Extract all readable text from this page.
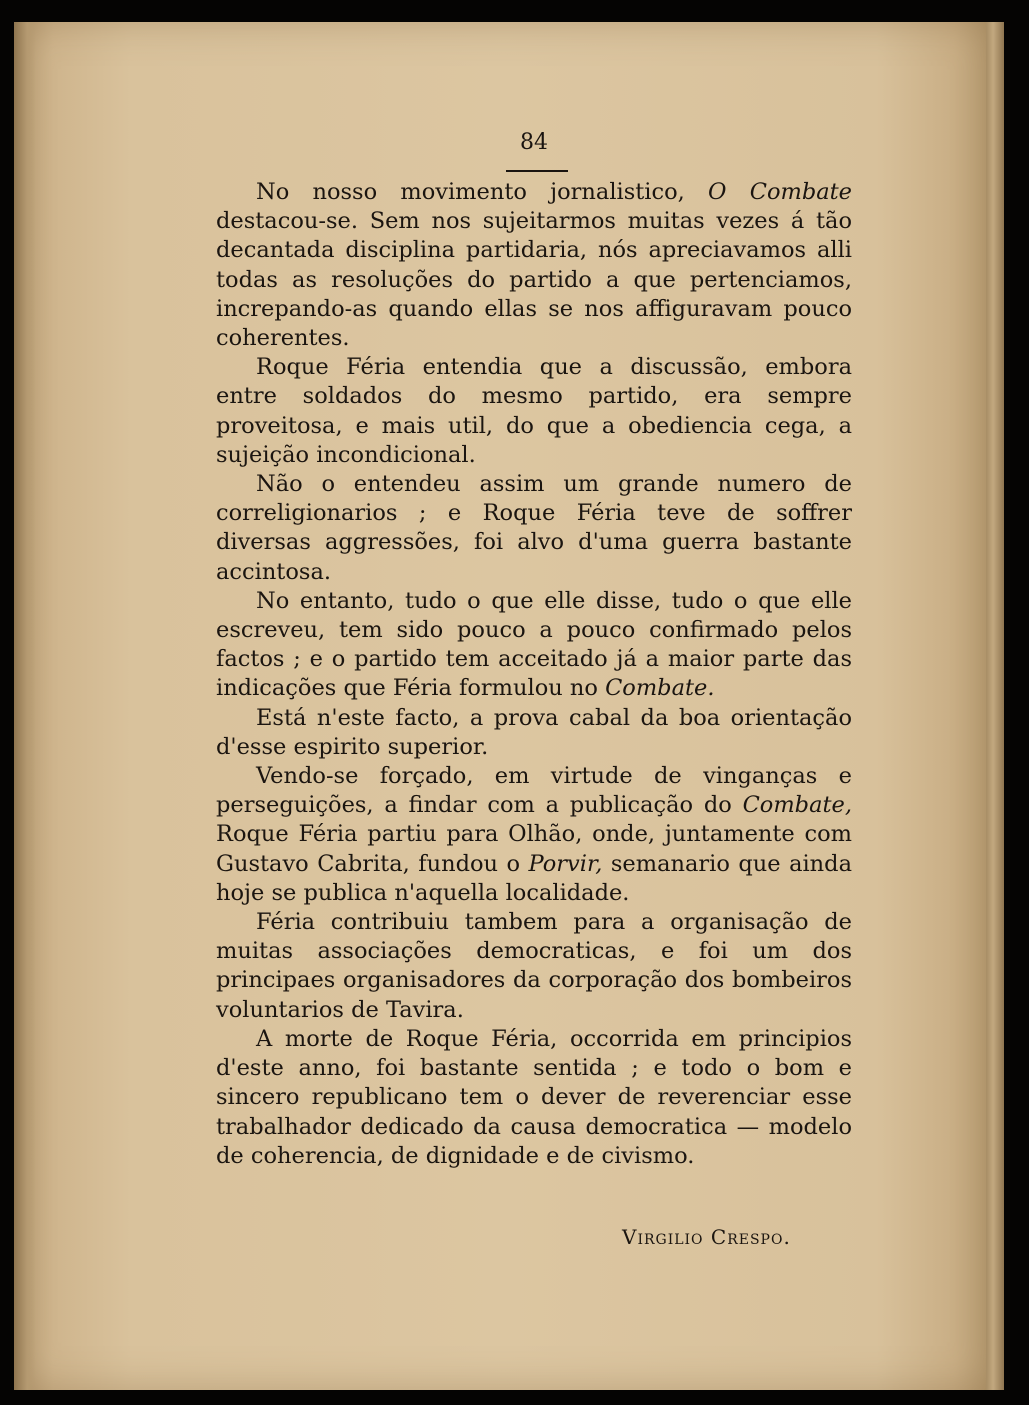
84

No nosso movimento jornalistico, O Combate destacou-se. Sem nos sujeitarmos muitas vezes á tão decantada disciplina partidaria, nós apreciavamos alli todas as resoluções do partido a que pertenciamos, increpando-as quando ellas se nos affiguravam pouco coherentes.

Roque Féria entendia que a discussão, embora entre soldados do mesmo partido, era sempre proveitosa, e mais util, do que a obediencia cega, a sujeição incondicional.

Não o entendeu assim um grande numero de correligionarios ; e Roque Féria teve de soffrer diversas aggressões, foi alvo d'uma guerra bastante accintosa.

No entanto, tudo o que elle disse, tudo o que elle escreveu, tem sido pouco a pouco confirmado pelos factos ; e o partido tem acceitado já a maior parte das indicações que Féria formulou no Combate.

Está n'este facto, a prova cabal da boa orientação d'esse espirito superior.

Vendo-se forçado, em virtude de vinganças e perseguições, a findar com a publicação do Combate, Roque Féria partiu para Olhão, onde, juntamente com Gustavo Cabrita, fundou o Porvir, semanario que ainda hoje se publica n'aquella localidade.

Féria contribuiu tambem para a organisação de muitas associações democraticas, e foi um dos principaes organisadores da corporação dos bombeiros voluntarios de Tavira.

A morte de Roque Féria, occorrida em principios d'este anno, foi bastante sentida ; e todo o bom e sincero republicano tem o dever de reverenciar esse trabalhador dedicado da causa democratica — modelo de coherencia, de dignidade e de civismo.

Virgilio Crespo.
